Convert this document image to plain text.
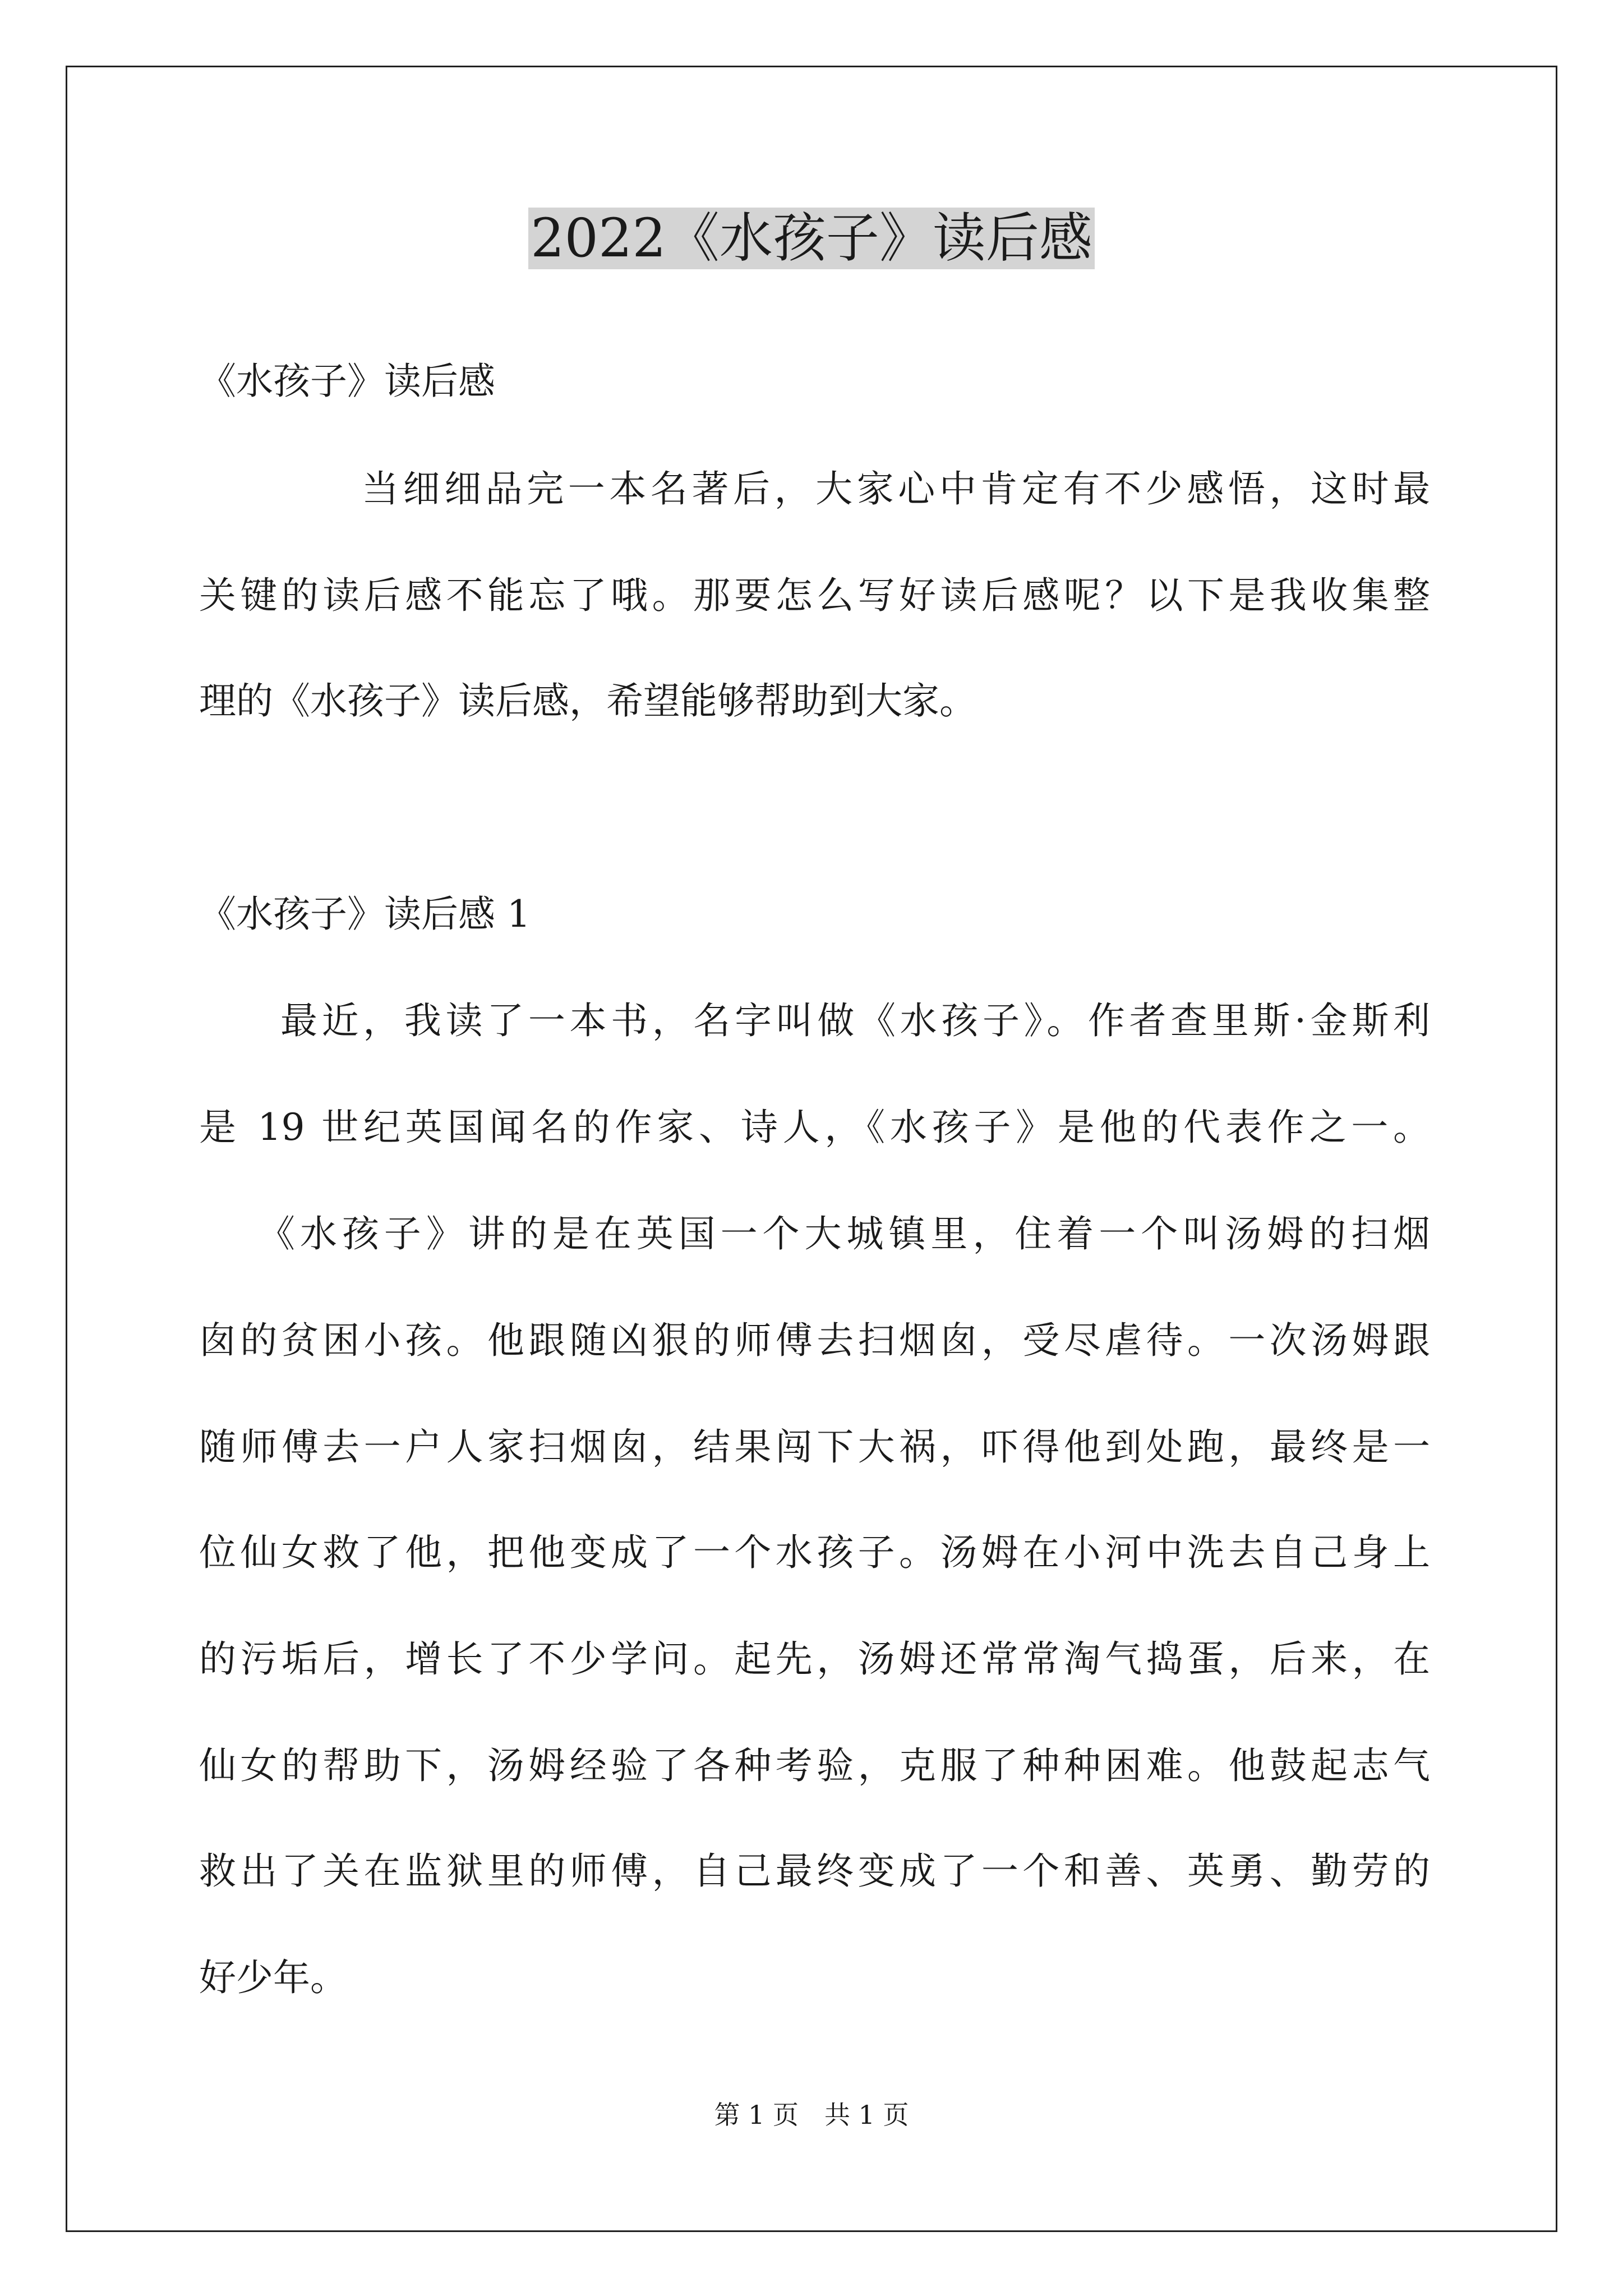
2022《水孩子》读后感

《水孩子》读后感

当细细品完一本名著后，大家心中肯定有不少感悟，这时最

关键的读后感不能忘了哦。那要怎么写好读后感呢？以下是我收集整

理的《水孩子》读后感，希望能够帮助到大家。

《水孩子》读后感 1

最近，我读了一本书，名字叫做《水孩子》。作者查里斯·金斯利

是 19 世纪英国闻名的作家、诗人，《水孩子》是他的代表作之一。

《水孩子》讲的是在英国一个大城镇里，住着一个叫汤姆的扫烟

囱的贫困小孩。他跟随凶狠的师傅去扫烟囱，受尽虐待。一次汤姆跟

随师傅去一户人家扫烟囱，结果闯下大祸，吓得他到处跑，最终是一

位仙女救了他，把他变成了一个水孩子。汤姆在小河中洗去自己身上

的污垢后，增长了不少学问。起先，汤姆还常常淘气捣蛋，后来，在

仙女的帮助下，汤姆经验了各种考验，克服了种种困难。他鼓起志气

救出了关在监狱里的师傅，自己最终变成了一个和善、英勇、勤劳的

好少年。

第 1 页　共 1 页
